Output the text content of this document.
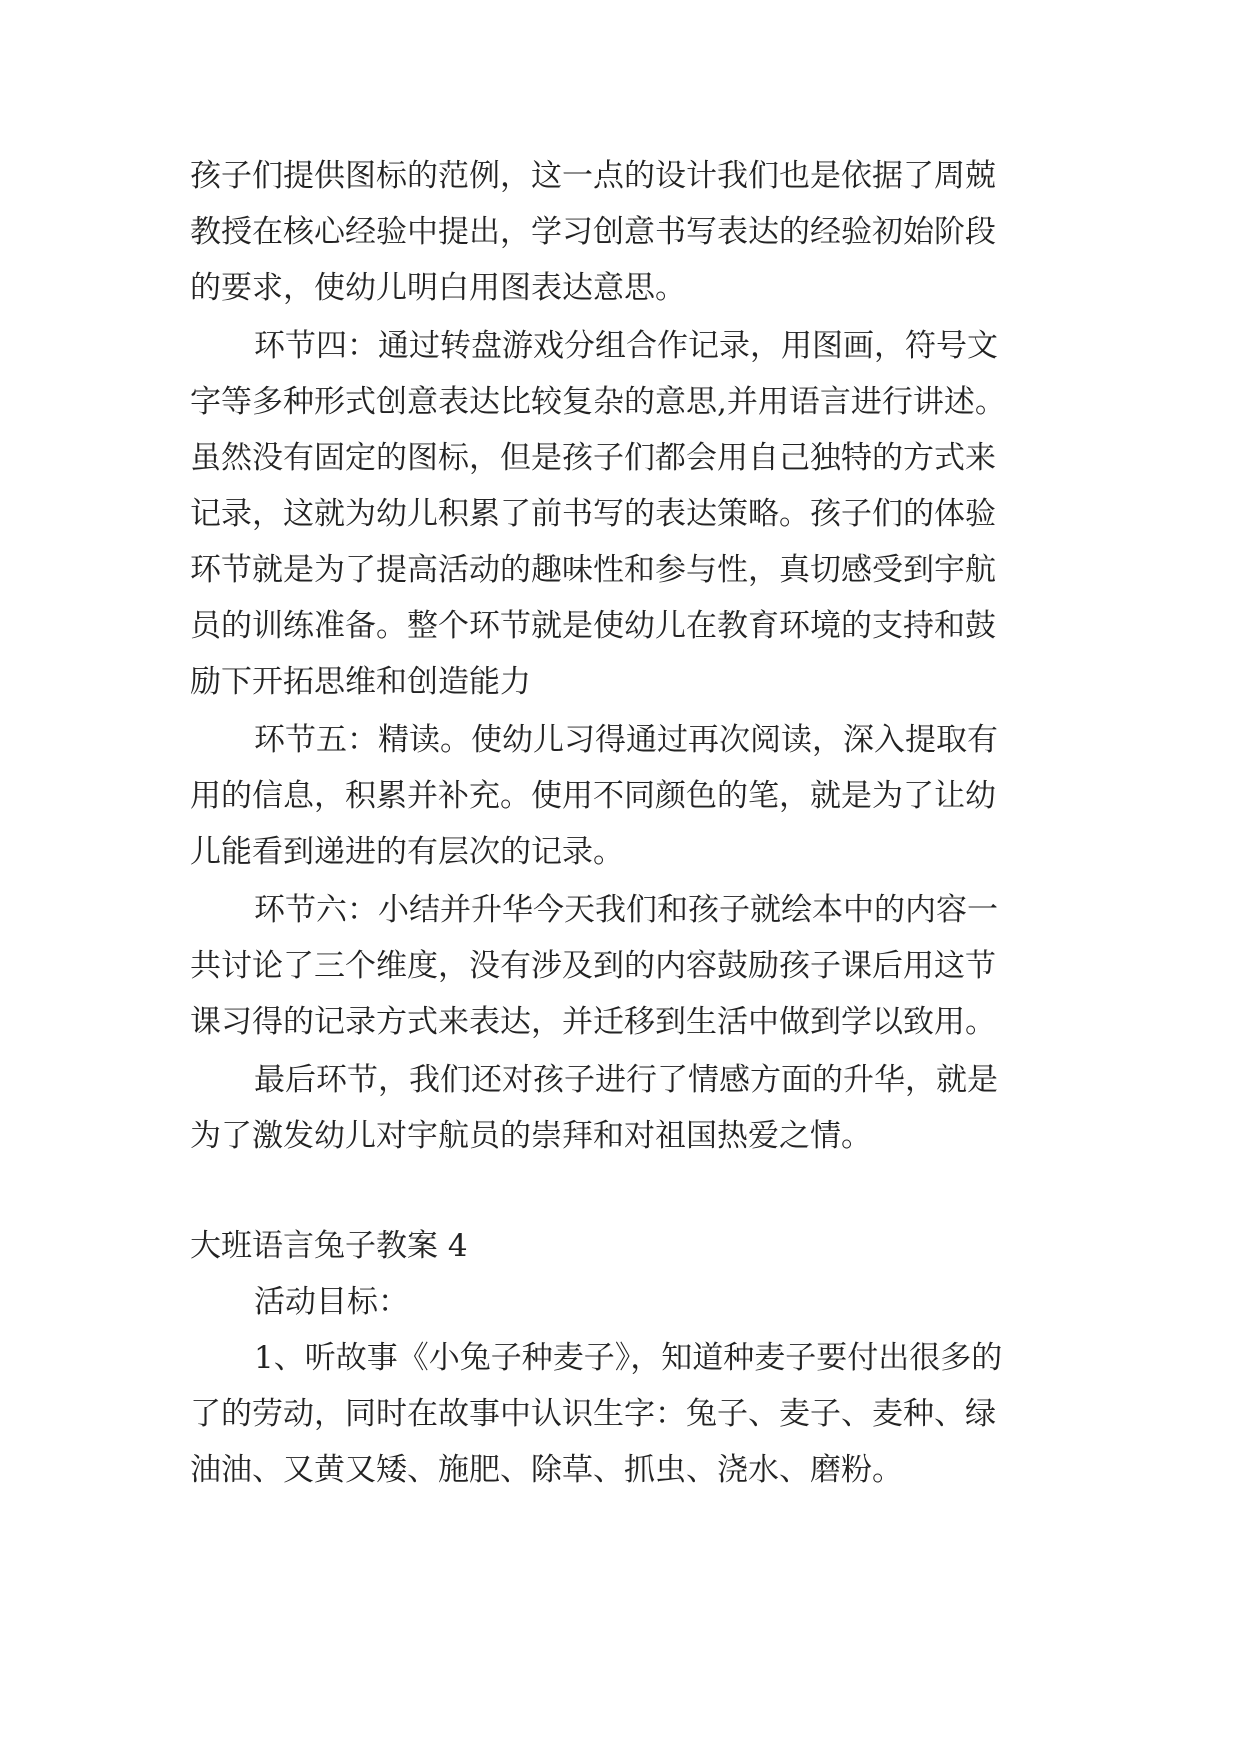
孩子们提供图标的范例，这一点的设计我们也是依据了周兢
教授在核心经验中提出，学习创意书写表达的经验初始阶段
的要求，使幼儿明白用图表达意思。
环节四：通过转盘游戏分组合作记录，用图画，符号文
字等多种形式创意表达比较复杂的意思,并用语言进行讲述。
虽然没有固定的图标，但是孩子们都会用自己独特的方式来
记录，这就为幼儿积累了前书写的表达策略。孩子们的体验
环节就是为了提高活动的趣味性和参与性，真切感受到宇航
员的训练准备。整个环节就是使幼儿在教育环境的支持和鼓
励下开拓思维和创造能力
环节五：精读。使幼儿习得通过再次阅读，深入提取有
用的信息，积累并补充。使用不同颜色的笔，就是为了让幼
儿能看到递进的有层次的记录。
环节六：小结并升华今天我们和孩子就绘本中的内容一
共讨论了三个维度，没有涉及到的内容鼓励孩子课后用这节
课习得的记录方式来表达，并迁移到生活中做到学以致用。
最后环节，我们还对孩子进行了情感方面的升华，就是
为了激发幼儿对宇航员的崇拜和对祖国热爱之情。
大班语言兔子教案 4
活动目标：
1、听故事《小兔子种麦子》，知道种麦子要付出很多的
了的劳动，同时在故事中认识生字：兔子、麦子、麦种、绿
油油、又黄又矮、施肥、除草、抓虫、浇水、磨粉。
